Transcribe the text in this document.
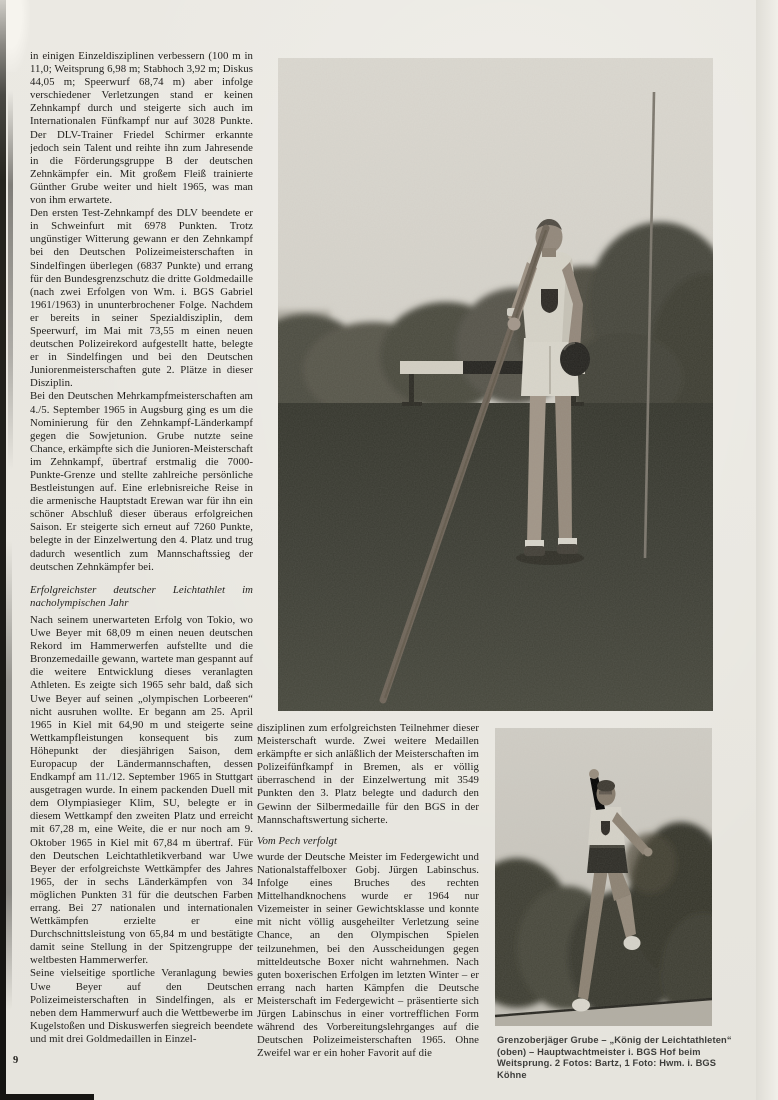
in einigen Einzeldisziplinen verbessern (100 m in 11,0; Weitsprung 6,98 m; Stabhoch 3,92 m; Diskus 44,05 m; Speerwurf 68,74 m) aber infolge verschiedener Verletzungen stand er keinen Zehnkampf durch und steigerte sich auch im Internationalen Fünfkampf nur auf 3028 Punkte. Der DLV-Trainer Friedel Schirmer erkannte jedoch sein Talent und reihte ihn zum Jahresende in die Förderungsgruppe B der deutschen Zehnkämpfer ein. Mit großem Fleiß trainierte Günther Grube weiter und hielt 1965, was man von ihm erwartete.

Den ersten Test-Zehnkampf des DLV beendete er in Schweinfurt mit 6978 Punkten. Trotz ungünstiger Witterung gewann er den Zehnkampf bei den Deutschen Polizeimeisterschaften in Sindelfingen überlegen (6837 Punkte) und errang für den Bundesgrenzschutz die dritte Goldmedaille (nach zwei Erfolgen von Wm. i. BGS Gabriel 1961/1963) in ununterbrochener Folge. Nachdem er bereits in seiner Spezialdisziplin, dem Speerwurf, im Mai mit 73,55 m einen neuen deutschen Polizeirekord aufgestellt hatte, belegte er in Sindelfingen und bei den Deutschen Juniorenmeisterschaften gute 2. Plätze in dieser Disziplin.

Bei den Deutschen Mehrkampfmeisterschaften am 4./5. September 1965 in Augsburg ging es um die Nominierung für den Zehnkampf-Länderkampf gegen die Sowjetunion. Grube nutzte seine Chance, erkämpfte sich die Junioren-Meisterschaft im Zehnkampf, übertraf erstmalig die 7000-Punkte-Grenze und stellte zahlreiche persönliche Bestleistungen auf. Eine erlebnisreiche Reise in die armenische Hauptstadt Erewan war für ihn ein schöner Abschluß dieser überaus erfolgreichen Saison. Er steigerte sich erneut auf 7260 Punkte, belegte in der Einzelwertung den 4. Platz und trug dadurch wesentlich zum Mannschaftssieg der deutschen Zehnkämpfer bei.

Erfolgreichster deutscher Leichtathlet im nacholympischen Jahr

Nach seinem unerwarteten Erfolg von Tokio, wo Uwe Beyer mit 68,09 m einen neuen deutschen Rekord im Hammerwerfen aufstellte und die Bronzemedaille gewann, wartete man gespannt auf die weitere Entwicklung dieses veranlagten Athleten. Es zeigte sich 1965 sehr bald, daß sich Uwe Beyer auf seinen „olympischen Lorbeeren“ nicht ausruhen wollte. Er begann am 25. April 1965 in Kiel mit 64,90 m und steigerte seine Wettkampfleistungen konsequent bis zum Höhepunkt der diesjährigen Saison, dem Europacup der Ländermannschaften, dessen Endkampf am 11./12. September 1965 in Stuttgart ausgetragen wurde. In einem packenden Duell mit dem Olympiasieger Klim, SU, belegte er in diesem Wettkampf den zweiten Platz und erreicht mit 67,28 m, eine Weite, die er nur noch am 9. Oktober 1965 in Kiel mit 67,84 m übertraf. Für den Deutschen Leichtathletikverband war Uwe Beyer der erfolgreichste Wettkämpfer des Jahres 1965, der in sechs Länderkämpfen von 34 möglichen Punkten 31 für die deutschen Farben errang. Bei 27 nationalen und internationalen Wettkämpfen erzielte er eine Durchschnittsleistung von 65,84 m und bestätigte damit seine Stellung in der Spitzengruppe der weltbesten Hammerwerfer.

Seine vielseitige sportliche Veranlagung bewies Uwe Beyer auf den Deutschen Polizeimeisterschaften in Sindelfingen, als er neben dem Hammerwurf auch die Wettbewerbe im Kugelstoßen und Diskuswerfen siegreich beendete und mit drei Goldmedaillen in Einzel-

disziplinen zum erfolgreichsten Teilnehmer dieser Meisterschaft wurde. Zwei weitere Medaillen erkämpfte er sich anläßlich der Meisterschaften im Polizeifünfkampf in Bremen, als er völlig überraschend in der Einzelwertung mit 3549 Punkten den 3. Platz belegte und dadurch den Gewinn der Silbermedaille für den BGS in der Mannschaftswertung sicherte.

Vom Pech verfolgt

wurde der Deutsche Meister im Federgewicht und Nationalstaffelboxer Gobj. Jürgen Labinschus. Infolge eines Bruches des rechten Mittelhandknochens wurde er 1964 nur Vizemeister in seiner Gewichtsklasse und konnte mit nicht völlig ausgeheilter Verletzung seine Chance, an den Olympischen Spielen teilzunehmen, bei den Ausscheidungen gegen mitteldeutsche Boxer nicht wahrnehmen. Nach guten boxerischen Erfolgen im letzten Winter – er errang nach harten Kämpfen die Deutsche Meisterschaft im Federgewicht – präsentierte sich Jürgen Labinschus in einer vortrefflichen Form während des Vorbereitungslehrganges auf die Deutschen Polizeimeisterschaften 1965. Ohne Zweifel war er ein hoher Favorit auf die

Grenzoberjäger Grube – „König der Leichtathleten“ (oben) – Hauptwachtmeister i. BGS Hof beim Weitsprung. 2 Fotos: Bartz, 1 Foto: Hwm. i. BGS Köhne
9
